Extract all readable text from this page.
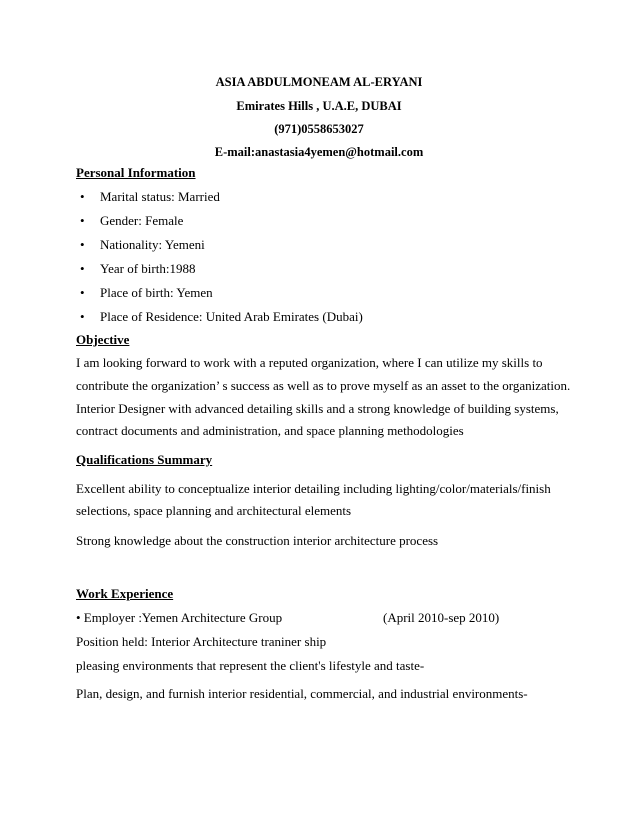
ASIA ABDULMONEAM AL-ERYANI
Emirates Hills , U.A.E, DUBAI
(971)0558653027
E-mail:anastasia4yemen@hotmail.com
Personal Information
• Marital status: Married
• Gender: Female
• Nationality: Yemeni
• Year of birth:1988
• Place of birth: Yemen
• Place of Residence: United Arab Emirates (Dubai)
Objective
I am looking forward to work with a reputed organization, where I can utilize my skills to
contribute the organization’ s success as well as to prove myself as an asset to the organization.
Interior Designer with advanced detailing skills and a strong knowledge of building systems,
contract documents and administration, and space planning methodologies
Qualifications Summary
Excellent ability to conceptualize interior detailing including lighting/color/materials/finish
selections, space planning and architectural elements
Strong knowledge about the construction interior architecture process
Work Experience
• Employer :Yemen Architecture Group	(April 2010-sep 2010)
Position held: Interior Architecture traniner ship
pleasing environments that represent the client's lifestyle and taste-
Plan, design, and furnish interior residential, commercial, and industrial environments-
